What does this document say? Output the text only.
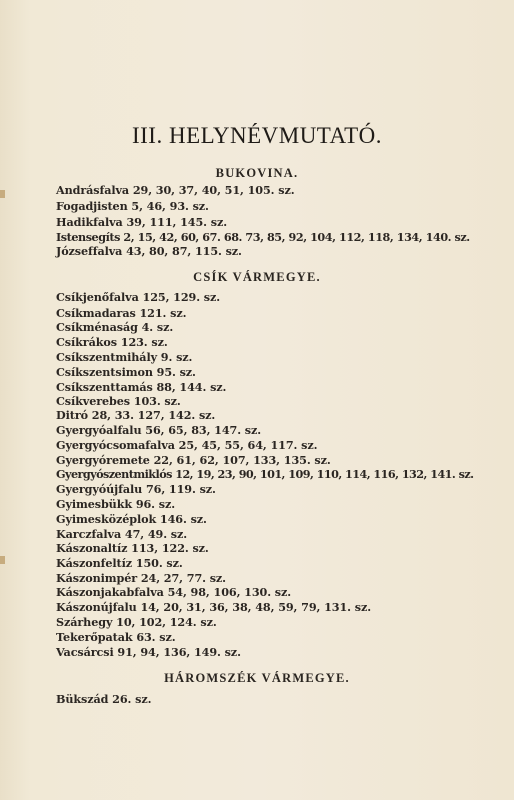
III. HELYNÉVMUTATÓ.
BUKOVINA.
Andrásfalva 29, 30, 37, 40, 51, 105. sz.
Fogadjisten 5, 46, 93. sz.
Hadikfalva 39, 111, 145. sz.
Istensegíts 2, 15, 42, 60, 67. 68. 73, 85, 92, 104, 112, 118, 134, 140. sz.
Józseffalva 43, 80, 87, 115. sz.
CSÍK VÁRMEGYE.
Csíkjenőfalva 125, 129. sz.
Csíkmadaras 121. sz.
Csíkménaság 4. sz.
Csíkrákos 123. sz.
Csíkszentmihály 9. sz.
Csíkszentsimon 95. sz.
Csíkszenttamás 88, 144. sz.
Csíkverebes 103. sz.
Ditró 28, 33. 127, 142. sz.
Gyergyóalfalu 56, 65, 83, 147. sz.
Gyergyócsomafalva 25, 45, 55, 64, 117. sz.
Gyergyóremete 22, 61, 62, 107, 133, 135. sz.
Gyergyószentmiklós 12, 19, 23, 90, 101, 109, 110, 114, 116, 132, 141. sz.
Gyergyóújfalu 76, 119. sz.
Gyimesbükk 96. sz.
Gyimesközéplok 146. sz.
Karczfalva 47, 49. sz.
Kászonaltíz 113, 122. sz.
Kászonfeltíz 150. sz.
Kászonimpér 24, 27, 77. sz.
Kászonjakabfalva 54, 98, 106, 130. sz.
Kászonújfalu 14, 20, 31, 36, 38, 48, 59, 79, 131. sz.
Szárhegy 10, 102, 124. sz.
Tekerőpatak 63. sz.
Vacsárcsi 91, 94, 136, 149. sz.
HÁROMSZÉK VÁRMEGYE.
Bükszád 26. sz.
